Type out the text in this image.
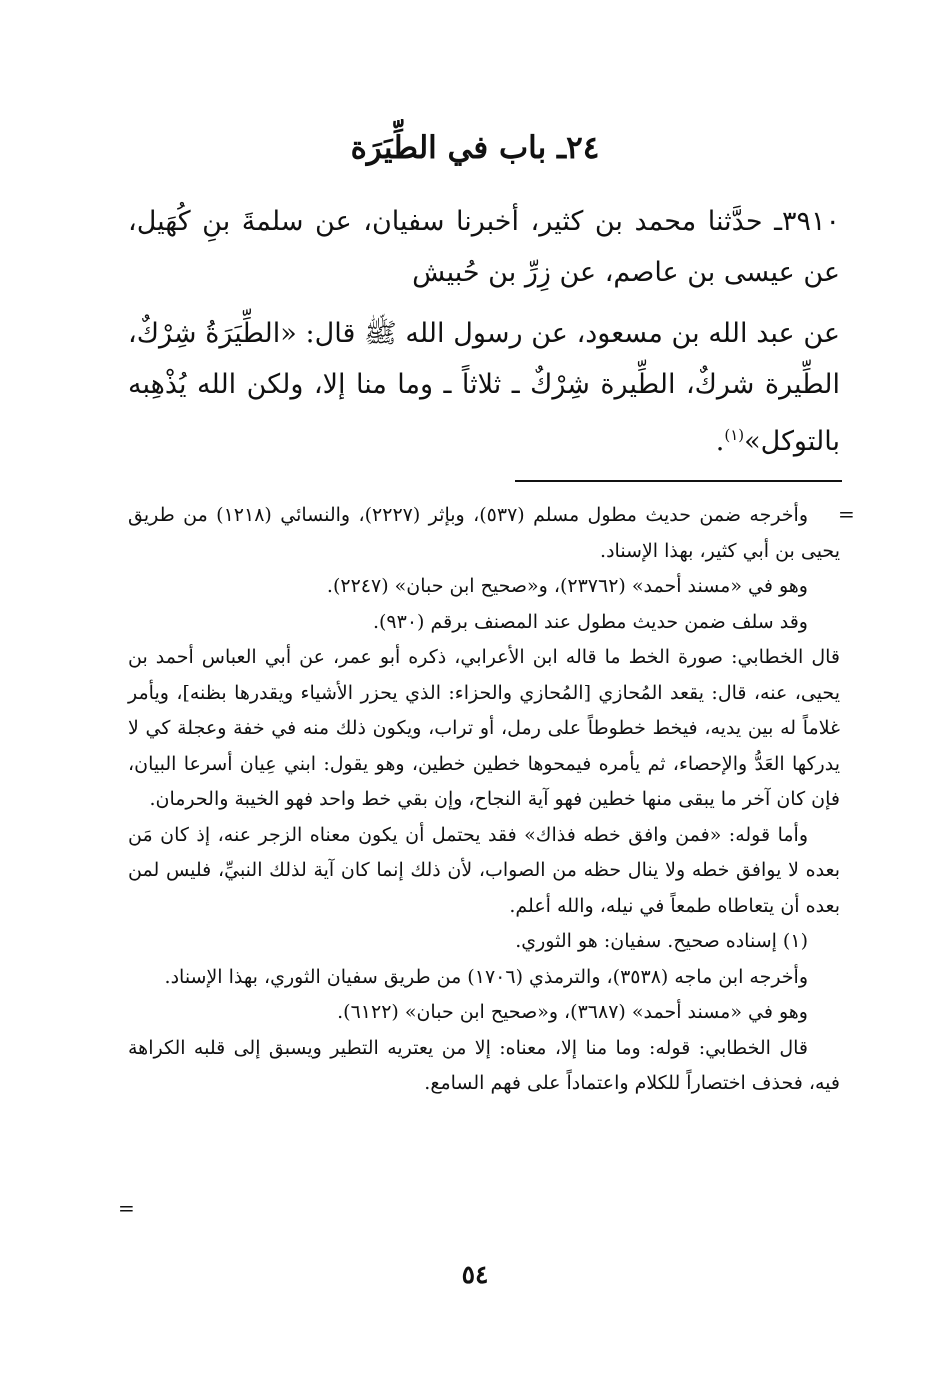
٢٤ـ باب في الطِّيَرَة
٣٩١٠ـ حدَّثنا محمد بن كثير، أخبرنا سفيان، عن سلمةَ بنِ كُهَيل، عن عيسى بن عاصم، عن زِرِّ بن حُبيش
عن عبد الله بن مسعود، عن رسول الله ﷺ قال: «الطِّيَرَةُ شِرْكٌ، الطِّيرة شركٌ، الطِّيرة شِرْكٌ ـ ثلاثاً ـ وما منا إلا، ولكن الله يُذْهِبه بالتوكل»$^{(١)}$.
=

وأخرجه ضمن حديث مطول مسلم (٥٣٧)، وبإثر (٢٢٢٧)، والنسائي (١٢١٨) من طريق يحيى بن أبي كثير، بهذا الإسناد.

وهو في «مسند أحمد» (٢٣٧٦٢)، و«صحيح ابن حبان» (٢٢٤٧).

وقد سلف ضمن حديث مطول عند المصنف برقم (٩٣٠).

قال الخطابي: صورة الخط ما قاله ابن الأعرابي، ذكره أبو عمر، عن أبي العباس أحمد بن يحيى، عنه، قال: يقعد المُحازي [المُحازي والحزاء: الذي يحزر الأشياء ويقدرها بظنه]، ويأمر غلاماً له بين يديه، فيخط خطوطاً على رمل، أو تراب، ويكون ذلك منه في خفة وعجلة كي لا يدركها العَدُّ والإحصاء، ثم يأمره فيمحوها خطين خطين، وهو يقول: ابني عِيان أسرعا البيان، فإن كان آخر ما يبقى منها خطين فهو آية النجاح، وإن بقي خط واحد فهو الخيبة والحرمان.

وأما قوله: «فمن وافق خطه فذاك» فقد يحتمل أن يكون معناه الزجر عنه، إذ كان مَن بعده لا يوافق خطه ولا ينال حظه من الصواب، لأن ذلك إنما كان آية لذلك النبيِّ، فليس لمن بعده أن يتعاطاه طمعاً في نيله، والله أعلم.

(١) إسناده صحيح. سفيان: هو الثوري.

وأخرجه ابن ماجه (٣٥٣٨)، والترمذي (١٧٠٦) من طريق سفيان الثوري، بهذا الإسناد.

وهو في «مسند أحمد» (٣٦٨٧)، و«صحيح ابن حبان» (٦١٢٢).

قال الخطابي: قوله: وما منا إلا، معناه: إلا من يعتريه التطير ويسبق إلى قلبه الكراهة فيه، فحذف اختصاراً للكلام واعتماداً على فهم السامع.

=
٥٤
